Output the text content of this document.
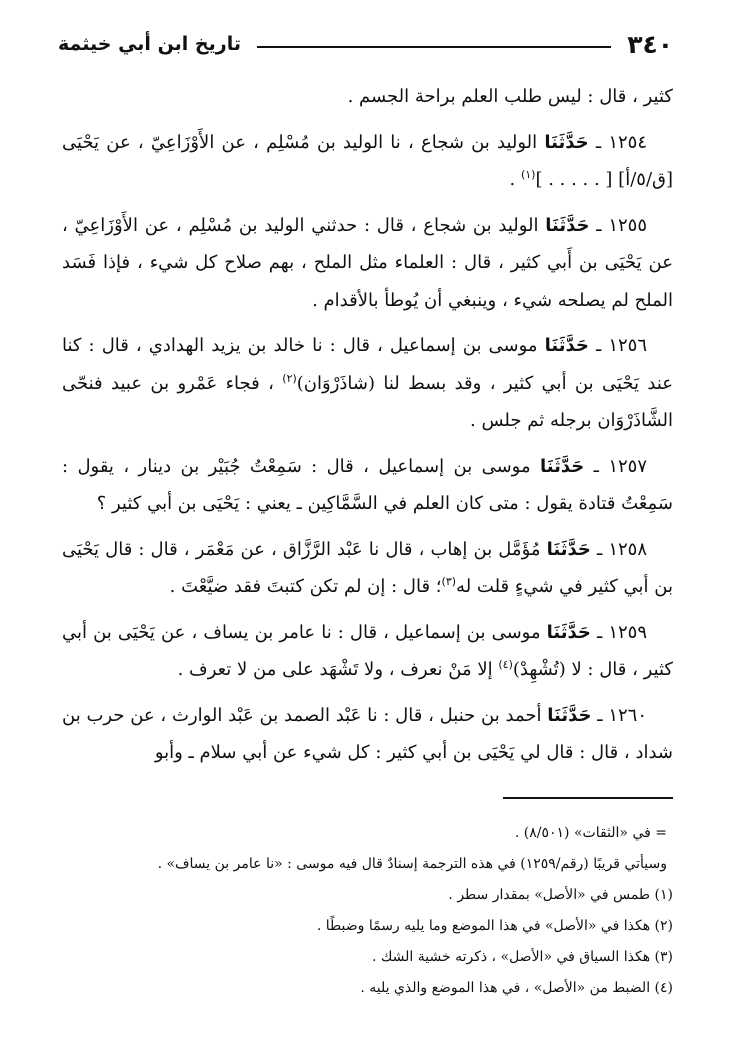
٣٤٠
تاريخ ابن أبي خيثمة

كثير ، قال : ليس طلب العلم براحة الجسم .

١٢٥٤ ـ حَدَّثَنَا الوليد بن شجاع ، نا الوليد بن مُسْلِم ، عن الأَوْزَاعِيّ ، عن يَحْيَى [ق/٥/أ] [ . . . . . ]$^{(١)}$ .

١٢٥٥ ـ حَدَّثَنَا الوليد بن شجاع ، قال : حدثني الوليد بن مُسْلِم ، عن الأَوْزَاعِيّ ، عن يَحْيَى بن أَبي كثير ، قال : العلماء مثل الملح ، بهم صلاح كل شيء ، فإذا فَسَد الملح لم يصلحه شيء ، وينبغي أن يُوطأ بالأقدام .

١٢٥٦ ـ حَدَّثَنَا موسى بن إسماعيل ، قال : نا خالد بن يزيد الهدادي ، قال : كنا عند يَحْيَى بن أبي كثير ، وقد بسط لنا (شاذَرْوَان)$^{(٢)}$ ، فجاء عَمْرو بن عبيد فنحّى الشَّاذَرْوَان برجله ثم جلس .

١٢٥٧ ـ حَدَّثَنَا موسى بن إسماعيل ، قال : سَمِعْتُ جُبَيْر بن دينار ، يقول : سَمِعْتُ قتادة يقول : متى كان العلم في السَّمَّاكِين ـ يعني : يَحْيَى بن أبي كثير ؟

١٢٥٨ ـ حَدَّثَنَا مُؤَمَّل بن إهاب ، قال نا عَبْد الرَّزَّاق ، عن مَعْمَر ، قال : قال يَحْيَى بن أبي كثير في شيءٍ قلت له$^{(٣)}$؛ قال : إن لم تكن كتبتَ فقد ضيَّعْتَ .

١٢٥٩ ـ حَدَّثَنَا موسى بن إسماعيل ، قال : نا عامر بن يساف ، عن يَحْيَى بن أبي كثير ، قال : لا (تُشْهِدْ)$^{(٤)}$ إلا مَنْ نعرف ، ولا تَشْهَد على من لا تعرف .

١٢٦٠ ـ حَدَّثَنَا أحمد بن حنبل ، قال : نا عَبْد الصمد بن عَبْد الوارث ، عن حرب بن شداد ، قال : قال لي يَحْيَى بن أبي كثير : كل شيء عن أبي سلام ـ وأبو

= في «الثقات» (٨/٥٠١) .
وسيأتي قريبًا (رقم/١٢٥٩) في هذه الترجمة إسنادٌ قال فيه موسى : «نا عامر بن يساف» .
(١) طمس في «الأصل» بمقدار سطر .
(٢) هكذا في «الأصل» في هذا الموضع وما يليه رسمًا وضبطًا .
(٣) هكذا السياق في «الأصل» ، ذكرته خشية الشك .
(٤) الضبط من «الأصل» ، في هذا الموضع والذي يليه .
